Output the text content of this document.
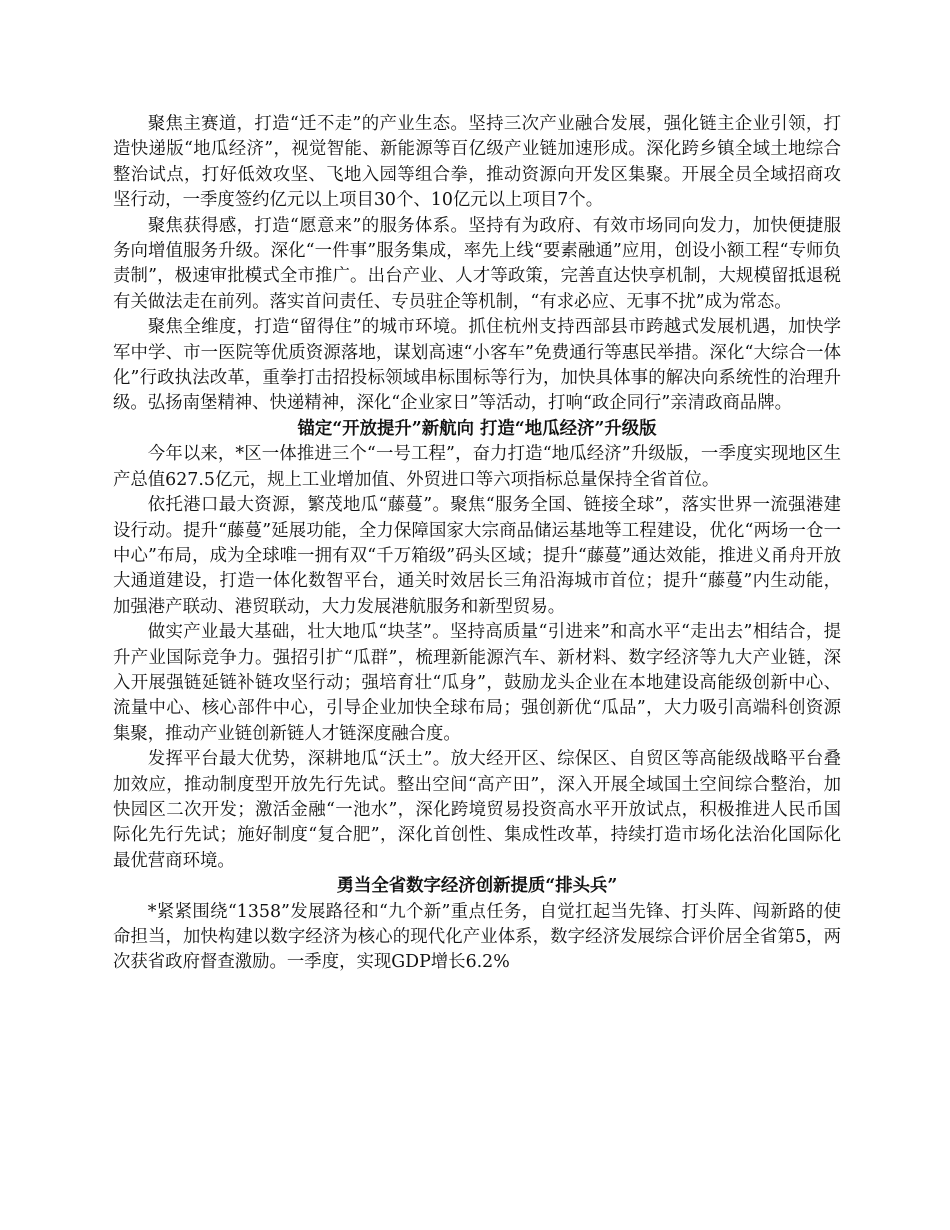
聚焦主赛道，打造“迁不走”的产业生态。坚持三次产业融合发展，强化链主企业引领，打造快递版“地瓜经济”，视觉智能、新能源等百亿级产业链加速形成。深化跨乡镇全域土地综合整治试点，打好低效攻坚、飞地入园等组合拳，推动资源向开发区集聚。开展全员全域招商攻坚行动，一季度签约亿元以上项目30个、10亿元以上项目7个。

聚焦获得感，打造“愿意来”的服务体系。坚持有为政府、有效市场同向发力，加快便捷服务向增值服务升级。深化“一件事”服务集成，率先上线“要素融通”应用，创设小额工程“专师负责制”，极速审批模式全市推广。出台产业、人才等政策，完善直达快享机制，大规模留抵退税有关做法走在前列。落实首问责任、专员驻企等机制，“有求必应、无事不扰”成为常态。

聚焦全维度，打造“留得住”的城市环境。抓住杭州支持西部县市跨越式发展机遇，加快学军中学、市一医院等优质资源落地，谋划高速“小客车”免费通行等惠民举措。深化“大综合一体化”行政执法改革，重拳打击招投标领域串标围标等行为，加快具体事的解决向系统性的治理升级。弘扬南堡精神、快递精神，深化“企业家日”等活动，打响“政企同行”亲清政商品牌。

锚定“开放提升”新航向 打造“地瓜经济”升级版

今年以来，*区一体推进三个“一号工程”，奋力打造“地瓜经济”升级版，一季度实现地区生产总值627.5亿元，规上工业增加值、外贸进口等六项指标总量保持全省首位。

依托港口最大资源，繁茂地瓜“藤蔓”。聚焦“服务全国、链接全球”，落实世界一流强港建设行动。提升“藤蔓”延展功能，全力保障国家大宗商品储运基地等工程建设，优化“两场一仓一中心”布局，成为全球唯一拥有双“千万箱级”码头区域；提升“藤蔓”通达效能，推进义甬舟开放大通道建设，打造一体化数智平台，通关时效居长三角沿海城市首位；提升“藤蔓”内生动能，加强港产联动、港贸联动，大力发展港航服务和新型贸易。

做实产业最大基础，壮大地瓜“块茎”。坚持高质量“引进来”和高水平“走出去”相结合，提升产业国际竞争力。强招引扩“瓜群”，梳理新能源汽车、新材料、数字经济等九大产业链，深入开展强链延链补链攻坚行动；强培育壮“瓜身”，鼓励龙头企业在本地建设高能级创新中心、流量中心、核心部件中心，引导企业加快全球布局；强创新优“瓜品”，大力吸引高端科创资源集聚，推动产业链创新链人才链深度融合度。

发挥平台最大优势，深耕地瓜“沃土”。放大经开区、综保区、自贸区等高能级战略平台叠加效应，推动制度型开放先行先试。整出空间“高产田”，深入开展全域国土空间综合整治，加快园区二次开发；激活金融“一池水”，深化跨境贸易投资高水平开放试点，积极推进人民币国际化先行先试；施好制度“复合肥”，深化首创性、集成性改革，持续打造市场化法治化国际化最优营商环境。

勇当全省数字经济创新提质“排头兵”

*紧紧围绕“1358”发展路径和“九个新”重点任务，自觉扛起当先锋、打头阵、闯新路的使命担当，加快构建以数字经济为核心的现代化产业体系，数字经济发展综合评价居全省第5，两次获省政府督查激励。一季度，实现GDP增长6.2%
